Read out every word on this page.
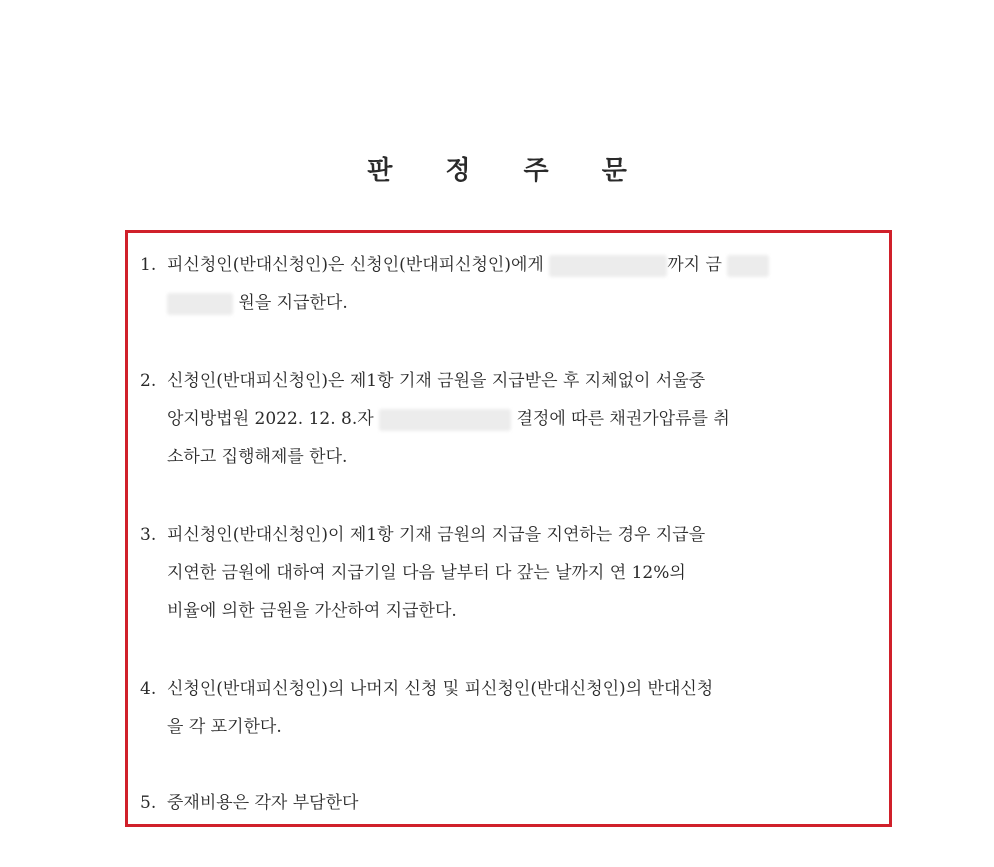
판 정 주 문
1. 피신청인(반대신청인)은 신청인(반대피신청인)에게	까지 금
원을 지급한다.
2. 신청인(반대피신청인)은 제1항 기재 금원을 지급받은 후 지체없이 서울중
앙지방법원 2022. 12. 8.자	결정에 따른 채권가압류를 취
소하고 집행해제를 한다.
3. 피신청인(반대신청인)이 제1항 기재 금원의 지급을 지연하는 경우 지급을
지연한 금원에 대하여 지급기일 다음 날부터 다 갚는 날까지 연 12%의
비율에 의한 금원을 가산하여 지급한다.
4. 신청인(반대피신청인)의 나머지 신청 및 피신청인(반대신청인)의 반대신청
을 각 포기한다.
5. 중재비용은 각자 부담한다
